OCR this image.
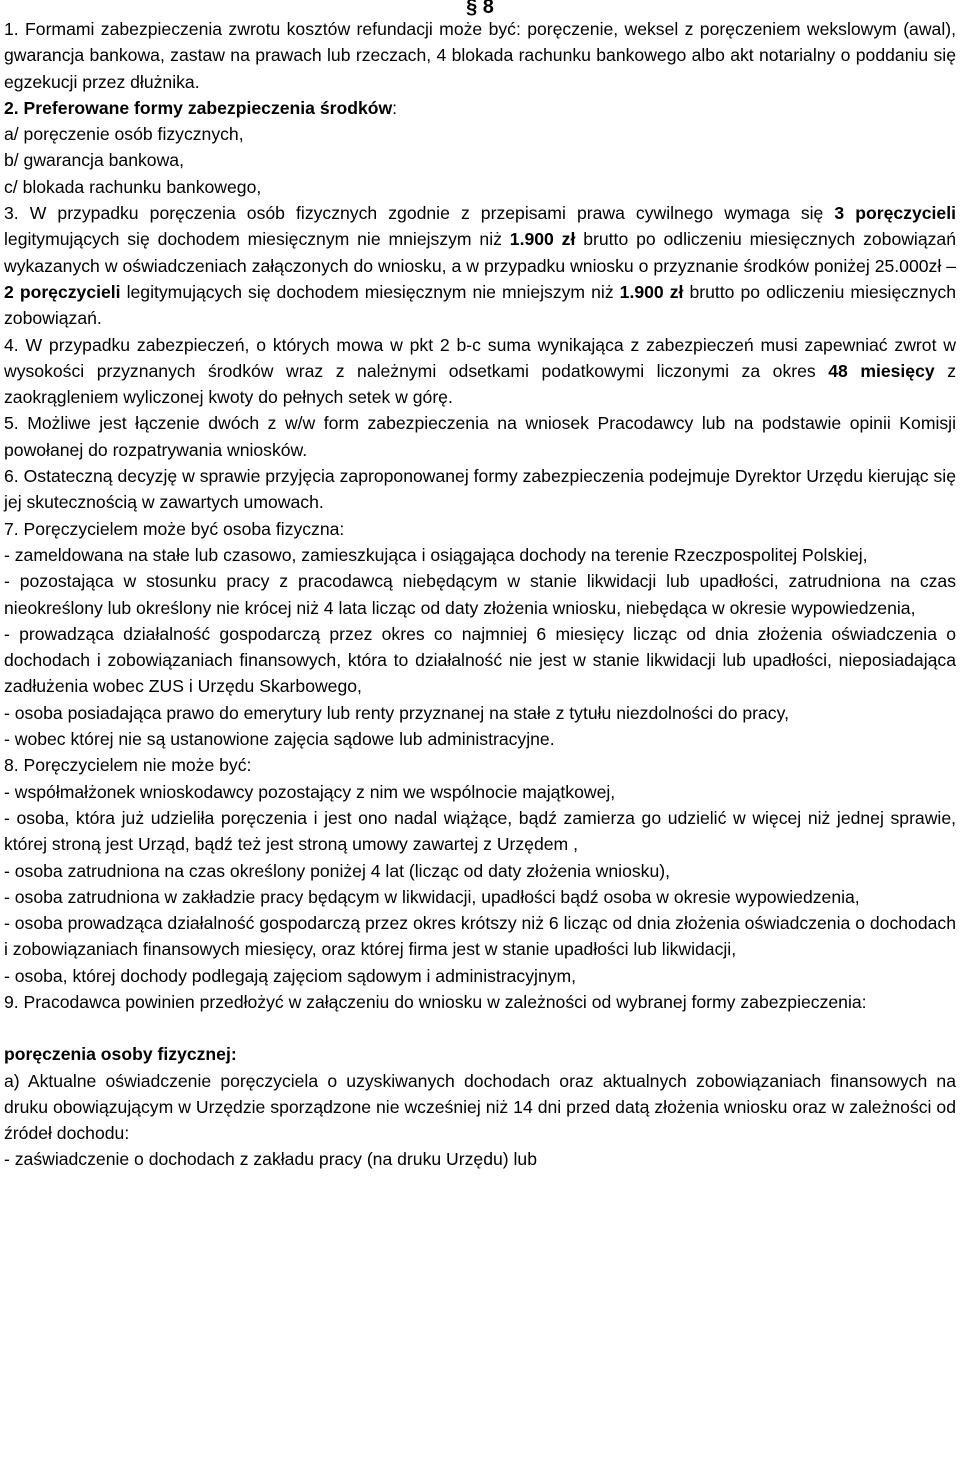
§ 8

1. Formami zabezpieczenia zwrotu kosztów refundacji może być: poręczenie, weksel z poręczeniem wekslowym (awal), gwarancja bankowa, zastaw na prawach lub rzeczach, 4 blokada rachunku bankowego albo akt notarialny o poddaniu się egzekucji przez dłużnika.

2. Preferowane formy zabezpieczenia środków:

a/ poręczenie osób fizycznych,

b/ gwarancja bankowa,

c/ blokada rachunku bankowego,

3. W przypadku poręczenia osób fizycznych zgodnie z przepisami prawa cywilnego wymaga się 3 poręczycieli legitymujących się dochodem miesięcznym nie mniejszym niż 1.900 zł brutto po odliczeniu miesięcznych zobowiązań wykazanych w oświadczeniach załączonych do wniosku, a w przypadku wniosku o przyznanie środków poniżej 25.000zł – 2 poręczycieli legitymujących się dochodem miesięcznym nie mniejszym niż 1.900 zł brutto po odliczeniu miesięcznych zobowiązań.

4. W przypadku zabezpieczeń, o których mowa w pkt 2 b-c suma wynikająca z zabezpieczeń musi zapewniać zwrot w wysokości przyznanych środków wraz z należnymi odsetkami podatkowymi liczonymi za okres 48 miesięcy z zaokrągleniem wyliczonej kwoty do pełnych setek w górę.

5. Możliwe jest łączenie dwóch z w/w form zabezpieczenia na wniosek Pracodawcy lub na podstawie opinii Komisji powołanej do rozpatrywania wniosków.

6. Ostateczną decyzję w sprawie przyjęcia zaproponowanej formy zabezpieczenia podejmuje Dyrektor Urzędu kierując się jej skutecznością w zawartych umowach.

7. Poręczycielem może być osoba fizyczna:

- zameldowana na stałe lub czasowo, zamieszkująca i osiągająca dochody na terenie Rzeczpospolitej Polskiej,

- pozostająca w stosunku pracy z pracodawcą niebędącym w stanie likwidacji lub upadłości, zatrudniona na czas nieokreślony lub określony nie krócej niż 4 lata licząc od daty złożenia wniosku, niebędąca w okresie wypowiedzenia,

- prowadząca działalność gospodarczą przez okres co najmniej 6 miesięcy licząc od dnia złożenia oświadczenia o dochodach i zobowiązaniach finansowych, która to działalność nie jest w stanie likwidacji lub upadłości, nieposiadająca zadłużenia wobec ZUS i Urzędu Skarbowego,

- osoba posiadająca prawo do emerytury lub renty przyznanej na stałe z tytułu niezdolności do pracy,

- wobec której nie są ustanowione zajęcia sądowe lub administracyjne.

8. Poręczycielem nie może być:

- współmałżonek wnioskodawcy pozostający z nim we wspólnocie majątkowej,

- osoba, która już udzieliła poręczenia i jest ono nadal wiążące, bądź zamierza go udzielić w więcej niż jednej sprawie, której stroną jest Urząd, bądź też jest stroną umowy zawartej z Urzędem ,

- osoba zatrudniona na czas określony poniżej 4 lat (licząc od daty złożenia wniosku),

- osoba zatrudniona w zakładzie pracy będącym w likwidacji, upadłości bądź osoba w okresie wypowiedzenia,

- osoba prowadząca działalność gospodarczą przez okres krótszy niż 6 licząc od dnia złożenia oświadczenia o dochodach i zobowiązaniach finansowych miesięcy, oraz której firma jest w stanie upadłości lub likwidacji,

- osoba, której dochody podlegają zajęciom sądowym i administracyjnym,

9. Pracodawca powinien przedłożyć w załączeniu do wniosku w zależności od wybranej formy zabezpieczenia:

poręczenia osoby fizycznej:

a) Aktualne oświadczenie poręczyciela o uzyskiwanych dochodach oraz aktualnych zobowiązaniach finansowych na druku obowiązującym w Urzędzie sporządzone nie wcześniej niż 14 dni przed datą złożenia wniosku oraz w zależności od źródeł dochodu:

- zaświadczenie o dochodach z zakładu pracy (na druku Urzędu) lub
